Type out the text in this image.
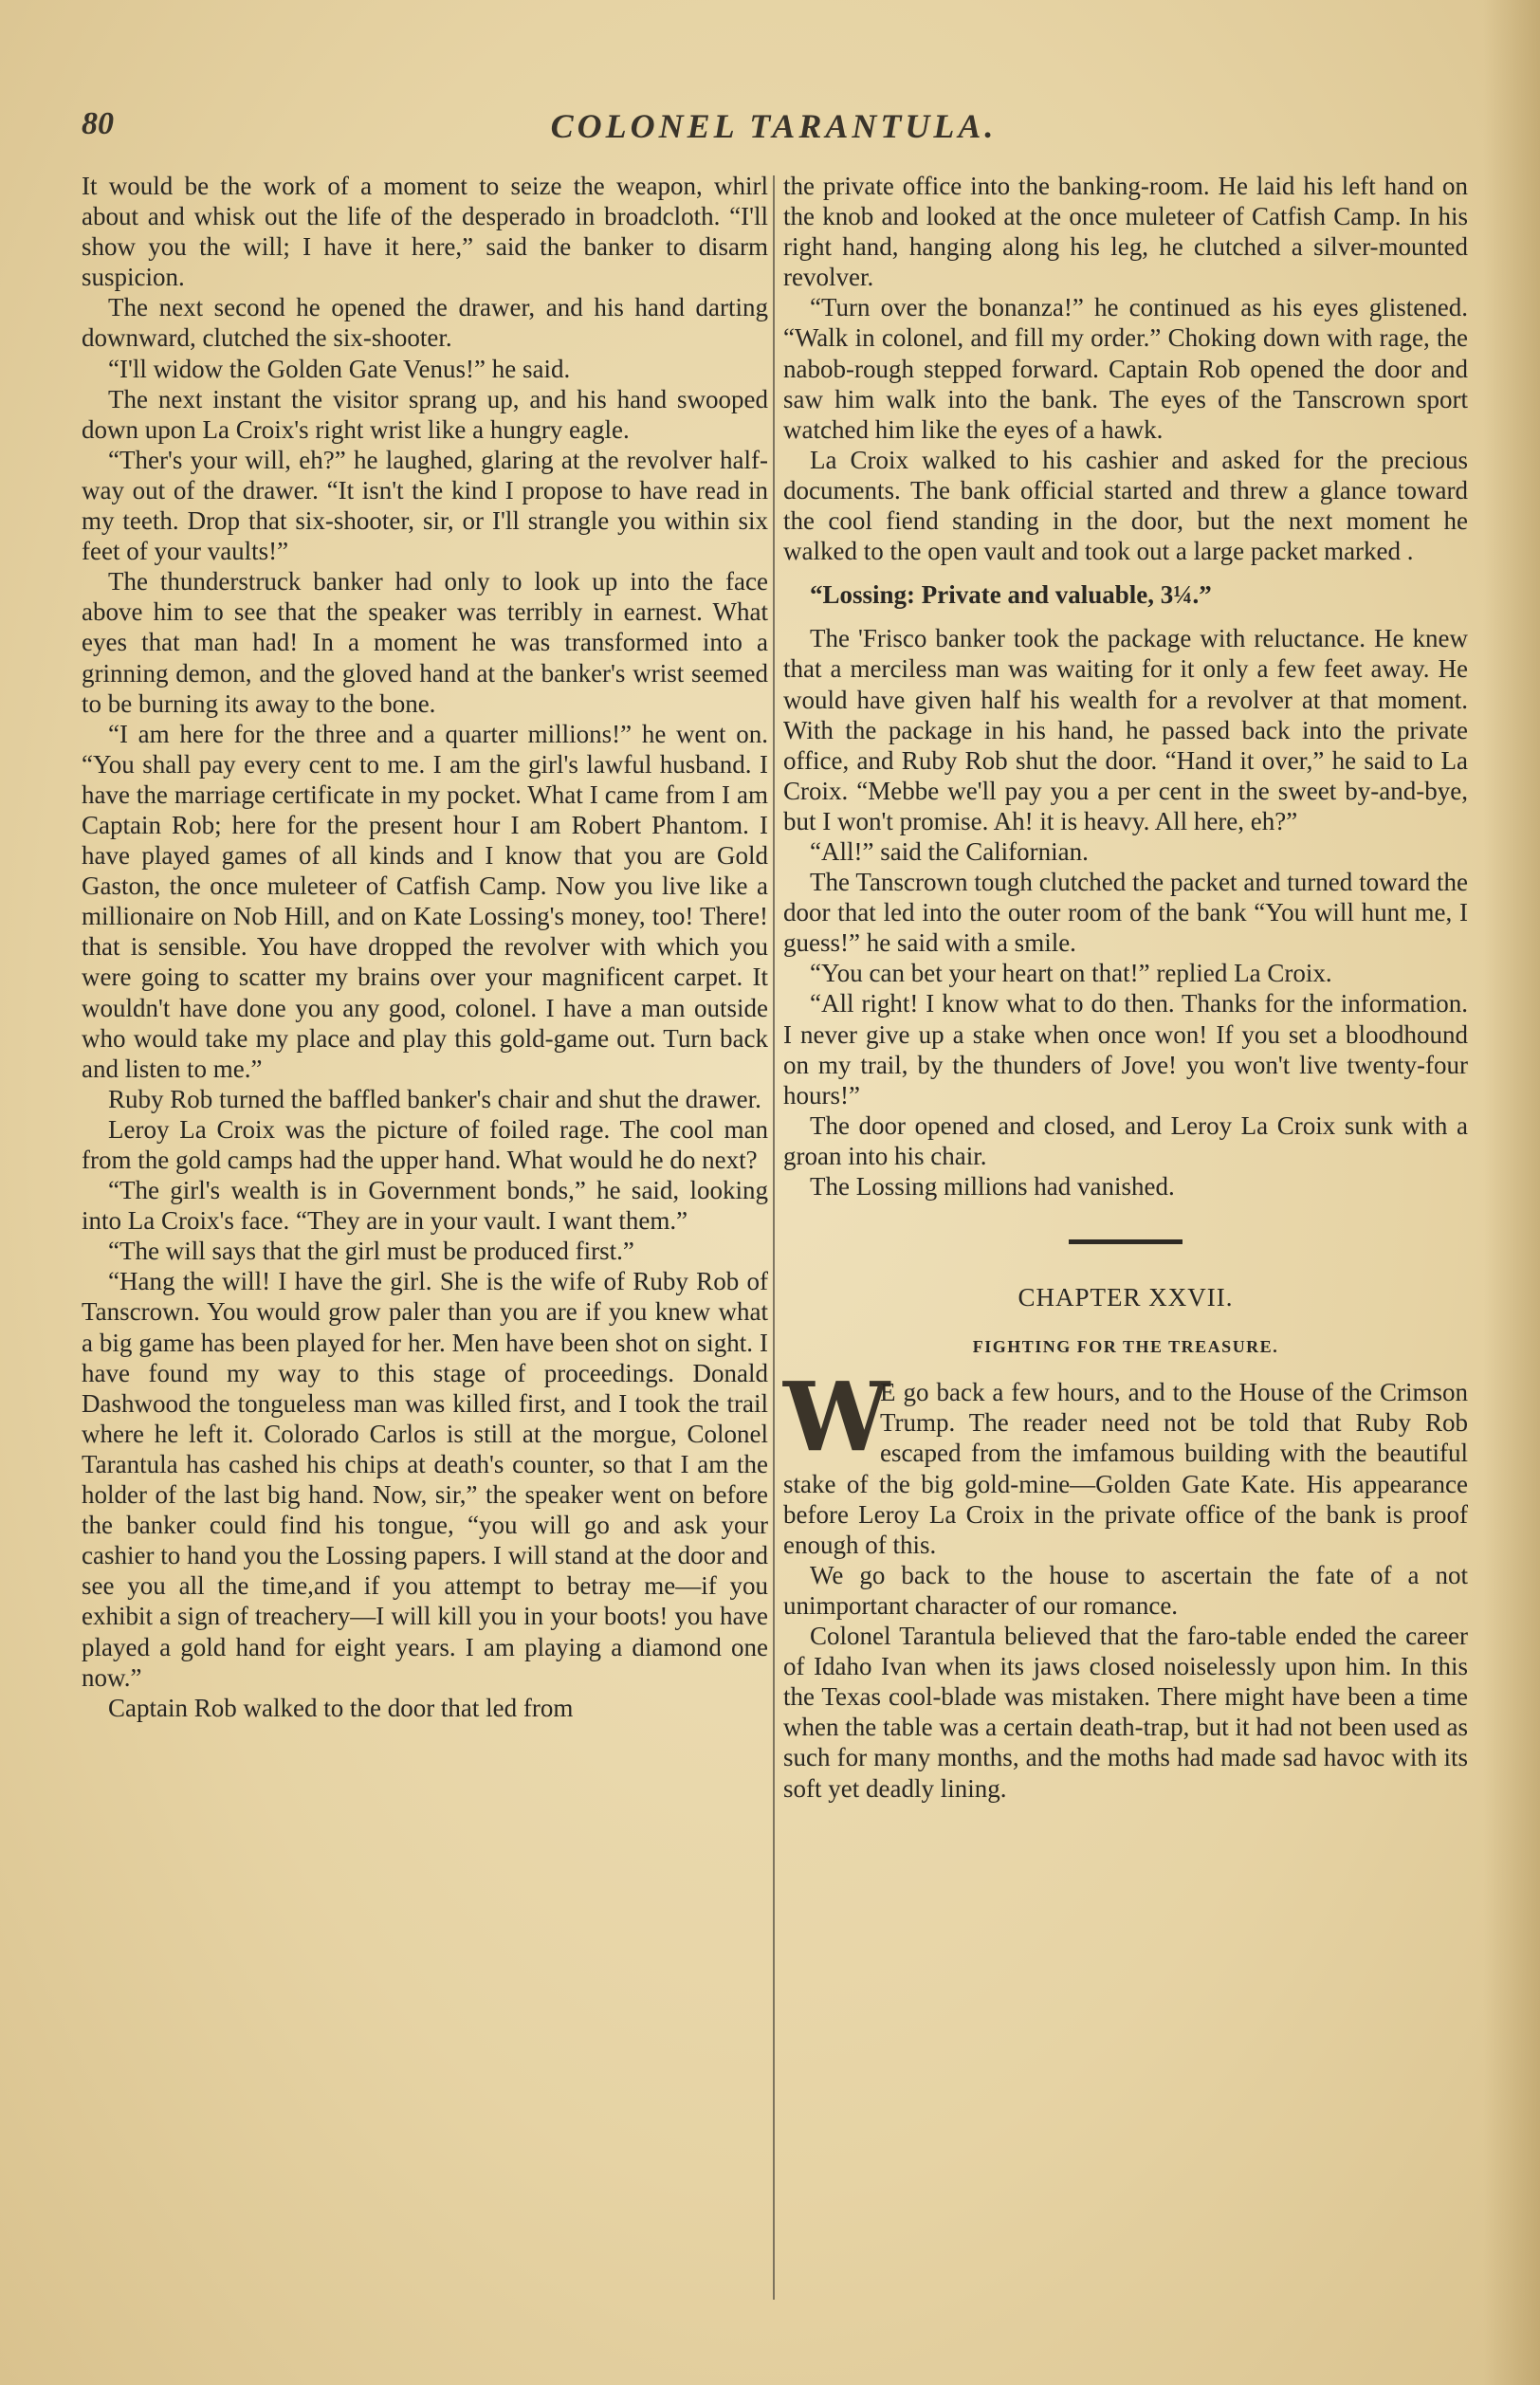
80	COLONEL TARANTULA.

It would be the work of a moment to seize the weapon, whirl about and whisk out the life of the desperado in broadcloth. “I'll show you the will; I have it here,” said the banker to disarm suspicion.

The next second he opened the drawer, and his hand darting downward, clutched the six-shooter.

“I'll widow the Golden Gate Venus!” he said.

The next instant the visitor sprang up, and his hand swooped down upon La Croix's right wrist like a hungry eagle.

“Ther's your will, eh?” he laughed, glaring at the revolver half-way out of the drawer. “It isn't the kind I propose to have read in my teeth. Drop that six-shooter, sir, or I'll strangle you within six feet of your vaults!”

The thunderstruck banker had only to look up into the face above him to see that the speaker was terribly in earnest. What eyes that man had! In a moment he was transformed into a grinning demon, and the gloved hand at the banker's wrist seemed to be burning its away to the bone.

“I am here for the three and a quarter millions!” he went on. “You shall pay every cent to me. I am the girl's lawful husband. I have the marriage certificate in my pocket. What I came from I am Captain Rob; here for the present hour I am Robert Phantom. I have played games of all kinds and I know that you are Gold Gaston, the once muleteer of Catfish Camp. Now you live like a millionaire on Nob Hill, and on Kate Lossing's money, too! There! that is sensible. You have dropped the revolver with which you were going to scatter my brains over your magnificent carpet. It wouldn't have done you any good, colonel. I have a man outside who would take my place and play this gold-game out. Turn back and listen to me.”

Ruby Rob turned the baffled banker's chair and shut the drawer.

Leroy La Croix was the picture of foiled rage. The cool man from the gold camps had the upper hand. What would he do next?

“The girl's wealth is in Government bonds,” he said, looking into La Croix's face. “They are in your vault. I want them.”

“The will says that the girl must be produced first.”

“Hang the will! I have the girl. She is the wife of Ruby Rob of Tanscrown. You would grow paler than you are if you knew what a big game has been played for her. Men have been shot on sight. I have found my way to this stage of proceedings. Donald Dashwood the tongueless man was killed first, and I took the trail where he left it. Colorado Carlos is still at the morgue, Colonel Tarantula has cashed his chips at death's counter, so that I am the holder of the last big hand. Now, sir,” the speaker went on before the banker could find his tongue, “you will go and ask your cashier to hand you the Lossing papers. I will stand at the door and see you all the time,and if you attempt to betray me—if you exhibit a sign of treachery—I will kill you in your boots! you have played a gold hand for eight years. I am playing a diamond one now.”

Captain Rob walked to the door that led from

the private office into the banking-room. He laid his left hand on the knob and looked at the once muleteer of Catfish Camp. In his right hand, hanging along his leg, he clutched a silver-mounted revolver.

“Turn over the bonanza!” he continued as his eyes glistened. “Walk in colonel, and fill my order.” Choking down with rage, the nabob-rough stepped forward. Captain Rob opened the door and saw him walk into the bank. The eyes of the Tanscrown sport watched him like the eyes of a hawk.

La Croix walked to his cashier and asked for the precious documents. The bank official started and threw a glance toward the cool fiend standing in the door, but the next moment he walked to the open vault and took out a large packet marked .

“Lossing: Private and valuable, 3¼.”

The 'Frisco banker took the package with reluctance. He knew that a merciless man was waiting for it only a few feet away. He would have given half his wealth for a revolver at that moment. With the package in his hand, he passed back into the private office, and Ruby Rob shut the door. “Hand it over,” he said to La Croix. “Mebbe we'll pay you a per cent in the sweet by-and-bye, but I won't promise. Ah! it is heavy. All here, eh?”

“All!” said the Californian.

The Tanscrown tough clutched the packet and turned toward the door that led into the outer room of the bank “You will hunt me, I guess!” he said with a smile.

“You can bet your heart on that!” replied La Croix.

“All right! I know what to do then. Thanks for the information. I never give up a stake when once won! If you set a bloodhound on my trail, by the thunders of Jove! you won't live twenty-four hours!”

The door opened and closed, and Leroy La Croix sunk with a groan into his chair.

The Lossing millions had vanished.

CHAPTER XXVII.

FIGHTING FOR THE TREASURE.

W
E go back a few hours, and to the House of the Crimson Trump. The reader need not be told that Ruby Rob escaped from the imfamous building with the beautiful stake of the big gold-mine—Golden Gate Kate. His appearance before Leroy La Croix in the private office of the bank is proof enough of this.

We go back to the house to ascertain the fate of a not unimportant character of our romance.

Colonel Tarantula believed that the faro-table ended the career of Idaho Ivan when its jaws closed noiselessly upon him. In this the Texas cool-blade was mistaken. There might have been a time when the table was a certain death-trap, but it had not been used as such for many months, and the moths had made sad havoc with its soft yet deadly lining.
